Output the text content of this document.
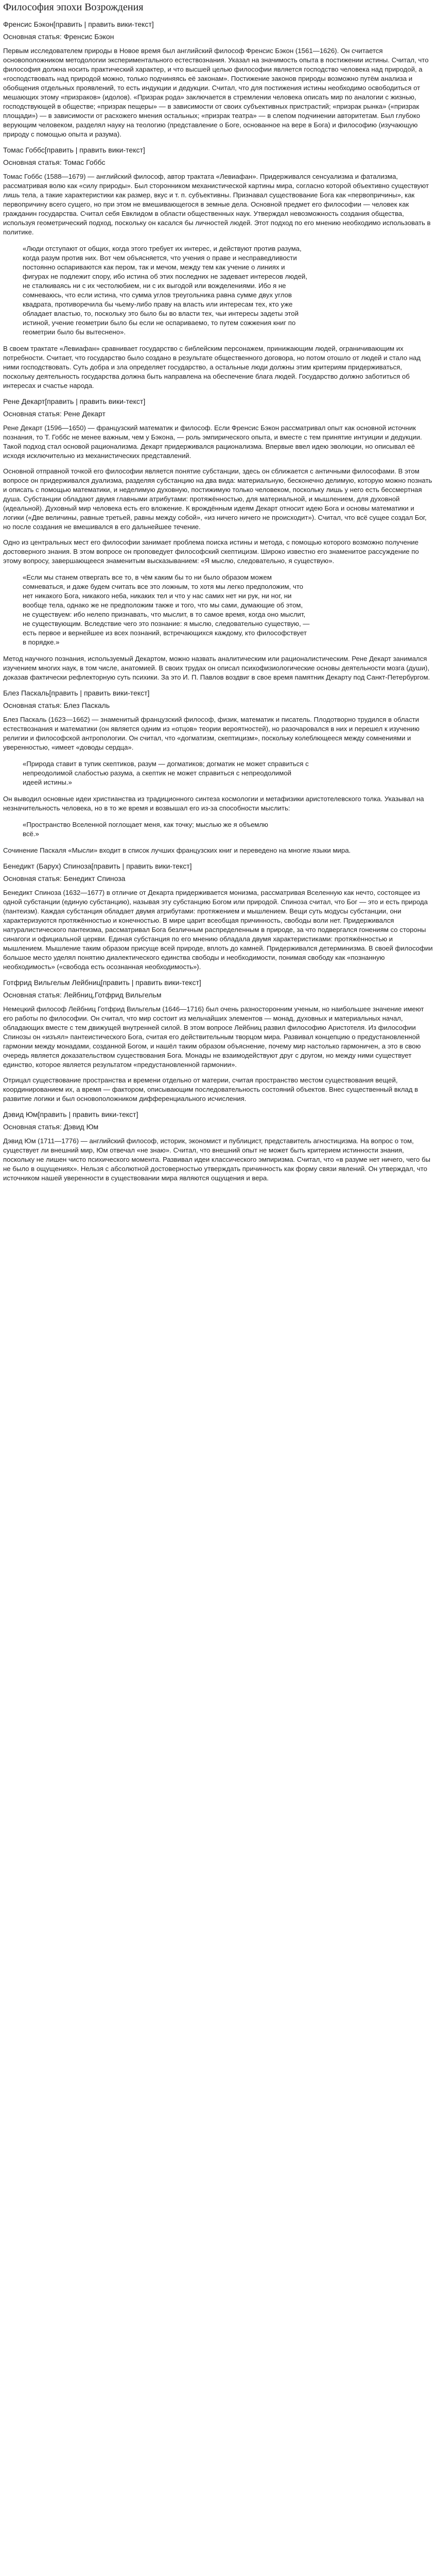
Философия эпохи Возрождения
Френсис Бэкон[править | править вики-текст]
Основная статья: Френсис Бэкон
Первым исследователем природы в Новое время был английский философ Френсис Бэкон (1561—1626). Он считается основоположником методологии экспериментального естествознания. Указал на значимость опыта в постижении истины. Считал, что философия должна носить практический характер, и что высшей целью философии является господство человека над природой, а «господствовать над природой можно, только подчиняясь её законам». Постижение законов природы возможно путём анализа и обобщения отдельных проявлений, то есть индукции и дедукции. Считал, что для постижения истины необходимо освободиться от мешающих этому «призраков» (идолов). «Призрак рода» заключается в стремлении человека описать мир по аналогии с жизнью, господствующей в обществе; «призрак пещеры» — в зависимости от своих субъективных пристрастий; «призрак рынка» («призрак площади») — в зависимости от расхожего мнения остальных; «призрак театра» — в слепом подчинении авторитетам. Был глубоко верующим человеком, разделял науку на теологию (представление о Боге, основанное на вере в Бога) и философию (изучающую природу с помощью опыта и разума).
Томас Гоббс[править | править вики-текст]
Основная статья: Томас Гоббс
Томас Гоббс (1588—1679) — английский философ, автор трактата «Левиафан». Придерживался сенсуализма и фатализма, рассматривая волю как «силу природы». Был сторонником механистической картины мира, согласно которой объективно существуют лишь тела, а такие характеристики как размер, вкус и т. п. субъективны. Признавал существование Бога как «первопричины», как первопричину всего сущего, но при этом не вмешивающегося в земные дела. Основной предмет его философии — человек как гражданин государства. Считал себя Евклидом в области общественных наук. Утверждал невозможность создания общества, используя геометрический подход, поскольку он касался бы личностей людей. Этот подход по его мнению необходимо использовать в политике.
«Люди отступают от общих, когда этого требует их интерес, и действуют против разума, когда разум против них. Вот чем объясняется, что учения о праве и несправедливости постоянно оспариваются как пером, так и мечом, между тем как учение о линиях и фигурах не подлежит спору, ибо истина об этих последних не задевает интересов людей, не сталкиваясь ни с их честолюбием, ни с их выгодой или вожделениями. Ибо я не сомневаюсь, что если истина, что сумма углов треугольника равна сумме двух углов квадрата, противоречила бы чьему-либо праву на власть или интересам тех, кто уже обладает властью, то, поскольку это было бы во власти тех, чьи интересы задеты этой истиной, учение геометрии было бы если не оспариваемо, то путем сожжения книг по геометрии было бы вытеснено».
В своем трактате «Левиафан» сравнивает государство с библейским персонажем, принижающим людей, ограничивающим их потребности. Считает, что государство было создано в результате общественного договора, но потом отошло от людей и стало над ними господствовать. Суть добра и зла определяет государство, а остальные люди должны этим критериям придерживаться, поскольку деятельность государства должна быть направлена на обеспечение блага людей. Государство должно заботиться об интересах и счастье народа.
Рене Декарт[править | править вики-текст]
Основная статья: Рене Декарт
Рене Декарт (1596—1650) — французский математик и философ. Если Френсис Бэкон рассматривал опыт как основной источник познания, то Т. Гоббс не менее важным, чем у Бэкона, — роль эмпирического опыта, и вместе с тем принятие интуиции и дедукции. Такой подход стал основой рационализма. Декарт придерживался рационализма. Впервые ввел идею эволюции, но описывал её исходя исключительно из механистических представлений.
Основной отправной точкой его философии является понятие субстанции, здесь он сближается с античными философами. В этом вопросе он придерживался дуализма, разделяя субстанцию на два вида: материальную, бесконечно делимую, которую можно познать и описать с помощью математики, и неделимую духовную, постижимую только человеком, поскольку лишь у него есть бессмертная душа. Субстанции обладают двумя главными атрибутами: протяжённостью, для материальной, и мышлением, для духовной (идеальной). Духовный мир человека есть его вложение. К врождённым идеям Декарт относит идею Бога и основы математики и логики («Две величины, равные третьей, равны между собой», «из ничего ничего не происходит»). Считал, что всё сущее создал Бог, но после создания не вмешивался в его дальнейшее течение.
Одно из центральных мест его философии занимает проблема поиска истины и метода, с помощью которого возможно получение достоверного знания. В этом вопросе он проповедует философский скептицизм. Широко известно его знаменитое рассуждение по этому вопросу, завершающееся знаменитым высказыванием: «Я мыслю, следовательно, я существую».
«Если мы станем отвергать все то, в чём каким бы то ни было образом можем сомневаться, и даже будем считать все это ложным, то хотя мы легко предположим, что нет никакого Бога, никакого неба, никаких тел и что у нас самих нет ни рук, ни ног, ни вообще тела, однако же не предположим также и того, что мы сами, думающие об этом, не существуем: ибо нелепо признавать, что мыслит, в то самое время, когда оно мыслит, не существующим. Вследствие чего это познание: я мыслю, следовательно существую, — есть первое и вернейшее из всех познаний, встречающихся каждому, кто философствует в порядке.»
Метод научного познания, используемый Декартом, можно назвать аналитическим или рационалистическим. Рене Декарт занимался изучением многих наук, в том числе, анатомией. В своих трудах он описал психофизиологические основы деятельности мозга (души), доказав фактически рефлекторную суть психики. За это И. П. Павлов воздвиг в свое время памятник Декарту под Санкт-Петербургом.
Блез Паскаль[править | править вики-текст]
Основная статья: Блез Паскаль
Блез Паскаль (1623—1662) — знаменитый французский философ, физик, математик и писатель. Плодотворно трудился в области естествознания и математики (он является одним из «отцов» теории вероятностей), но разочаровался в них и перешел к изучению религии и философской антропологии. Он считал, что «догматизм, скептицизм», поскольку колеблющееся между сомнениями и уверенностью, «имеет «доводы сердца».
«Природа ставит в тупик скептиков, разум — догматиков; догматик не может справиться с непреодолимой слабостью разума, а скептик не может справиться с непреодолимой идеей истины.»
Он выводил основные идеи христианства из традиционного синтеза космологии и метафизики аристотелевского толка. Указывал на незначительность человека, но в то же время и возвышал его из-за способности мыслить:
«Пространство Вселенной поглощает меня, как точку; мыслью же я объемлю всё.»
Сочинение Паскаля «Мысли» входит в список лучших французских книг и переведено на многие языки мира.
Бенедикт (Барух) Спиноза[править | править вики-текст]
Основная статья: Бенедикт Спиноза
Бенедикт Спиноза (1632—1677) в отличие от Декарта придерживается монизма, рассматривая Вселенную как нечто, состоящее из одной субстанции (единую субстанцию), называя эту субстанцию Богом или природой. Спиноза считал, что Бог — это и есть природа (пантеизм). Каждая субстанция обладает двумя атрибутами: протяжением и мышлением. Вещи суть модусы субстанции, они характеризуются протяжённостью и конечностью. В мире царит всеобщая причинность, свободы воли нет. Придерживался натуралистического пантеизма, рассматривал Бога безличным распределенным в природе, за что подвергался гонениям со стороны синагоги и официальной церкви. Единая субстанция по его мнению обладала двумя характеристиками: протяжённостью и мышлением. Мышление таким образом присуще всей природе, вплоть до камней. Придерживался детерминизма. В своей философии большое место уделял понятию диалектического единства свободы и необходимости, понимая свободу как «познанную необходимость» («свобода есть осознанная необходимость»).
Готфрид Вильгельм Лейбниц[править | править вики-текст]
Основная статья: Лейбниц,Готфрид Вильгельм
Немецкий философ Лейбниц Готфрид Вильгельм (1646—1716) был очень разносторонним ученым, но наибольшее значение имеют его работы по философии. Он считал, что мир состоит из мельчайших элементов — монад, духовных и материальных начал, обладающих вместе с тем движущей внутренней силой. В этом вопросе Лейбниц развил философию Аристотеля. Из философии Спинозы он «изъял» пантеистического Бога, считая его действительным творцом мира. Развивал концепцию о предустановленной гармонии между монадами, созданной Богом, и нашёл таким образом объяснение, почему мир настолько гармоничен, а это в свою очередь является доказательством существования Бога. Монады не взаимодействуют друг с другом, но между ними существует единство, которое является результатом «предустановленной гармонии».
Отрицал существование пространства и времени отдельно от материи, считая пространство местом существования вещей, координированием их, а время — фактором, описывающим последовательность состояний объектов. Внес существенный вклад в развитие логики и был основоположником дифференциального исчисления.
Дэвид Юм[править | править вики-текст]
Основная статья: Дэвид Юм
Дэвид Юм (1711—1776) — английский философ, историк, экономист и публицист, представитель агностицизма. На вопрос о том, существует ли внешний мир, Юм отвечал «не знаю». Считал, что внешний опыт не может быть критерием истинности знания, поскольку не лишен чисто психического момента. Развивал идеи классического эмпиризма. Считал, что «в разуме нет ничего, чего бы не было в ощущениях». Нельзя с абсолютной достоверностью утверждать причинность как форму связи явлений. Он утверждал, что источником нашей уверенности в существовании мира являются ощущения и вера.
